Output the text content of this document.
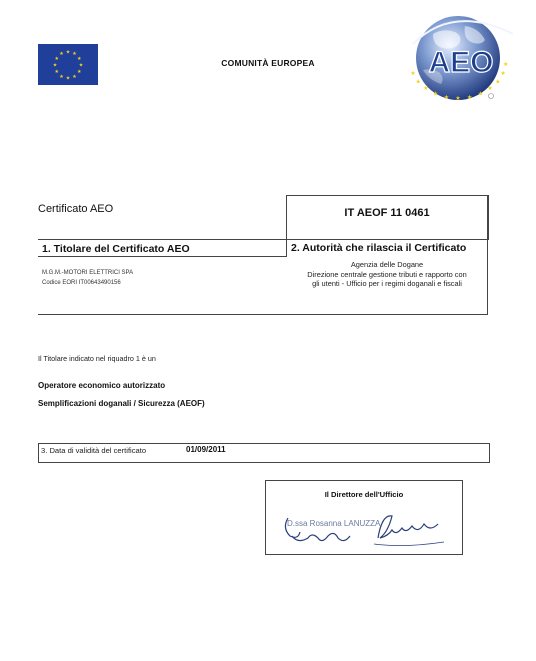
★ ★
★
★
★
★
★
★
★
★
★
★
COMUNITÀ EUROPEA	AEO
★
★
★
★
★ ★ ★
★
★
★
★
★
Certificato AEO	IT AEOF 11 0461
1. Titolare del Certificato AEO
M.G.M.-MOTORI ELETTRICI SPA
Codice EORI IT00643490156
2. Autorità che rilascia il Certificato
Agenzia delle Dogane
Direzione centrale gestione tributi e rapporto con
gli utenti - Ufficio per i regimi doganali e fiscali
Il Titolare indicato nel riquadro 1 è un
Operatore economico autorizzato
Semplificazioni doganali / Sicurezza (AEOF)
3. Data di validità del certificato	01/09/2011
Il Direttore dell'Ufficio
D.ssa Rosanna LANUZZA
